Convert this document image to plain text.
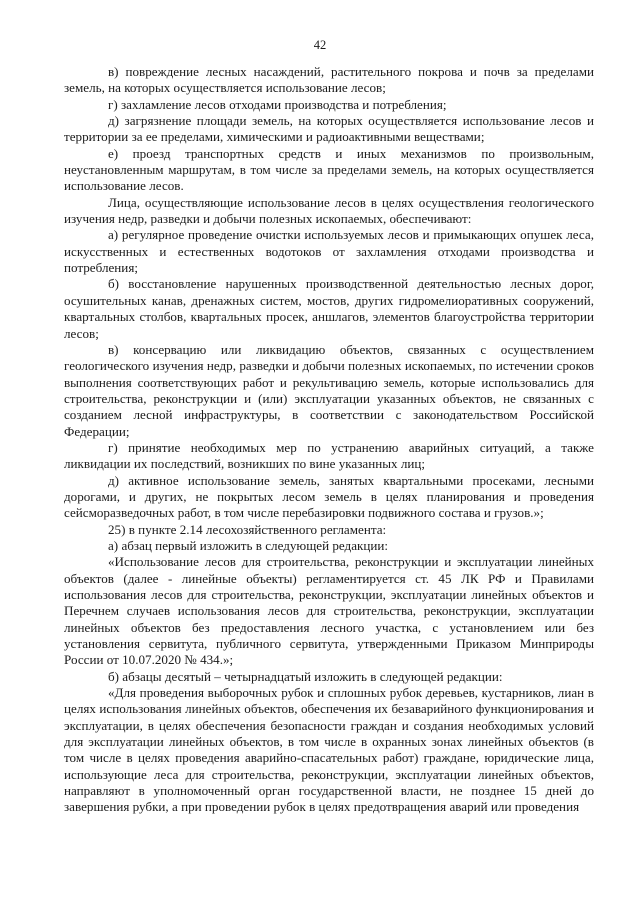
42

в) повреждение лесных насаждений, растительного покрова и почв за пределами земель, на которых осуществляется использование лесов;

г) захламление лесов отходами производства и потребления;

д) загрязнение площади земель, на которых осуществляется использование лесов и территории за ее пределами, химическими и радиоактивными веществами;

е) проезд транспортных средств и иных механизмов по произвольным, неустановленным маршрутам, в том числе за пределами земель, на которых осуществляется использование лесов.

Лица, осуществляющие использование лесов в целях осуществления геологического изучения недр, разведки и добычи полезных ископаемых, обеспечивают:

а) регулярное проведение очистки используемых лесов и примыкающих опушек леса, искусственных и естественных водотоков от захламления отходами производства и потребления;

б) восстановление нарушенных производственной деятельностью лесных дорог, осушительных канав, дренажных систем, мостов, других гидромелиоративных сооружений, квартальных столбов, квартальных просек, аншлагов, элементов благоустройства территории лесов;

в) консервацию или ликвидацию объектов, связанных с осуществлением геологического изучения недр, разведки и добычи полезных ископаемых, по истечении сроков выполнения соответствующих работ и рекультивацию земель, которые использовались для строительства, реконструкции и (или) эксплуатации указанных объектов, не связанных с созданием лесной инфраструктуры, в соответствии с законодательством Российской Федерации;

г) принятие необходимых мер по устранению аварийных ситуаций, а также ликвидации их последствий, возникших по вине указанных лиц;

д) активное использование земель, занятых квартальными просеками, лесными дорогами, и других, не покрытых лесом земель в целях планирования и проведения сейсморазведочных работ, в том числе перебазировки подвижного состава и грузов.»;

25) в пункте 2.14 лесохозяйственного регламента:

а) абзац первый изложить в следующей редакции:

«Использование лесов для строительства, реконструкции и эксплуатации линейных объектов (далее - линейные объекты) регламентируется ст. 45 ЛК РФ и Правилами использования лесов для строительства, реконструкции, эксплуатации линейных объектов и Перечнем случаев использования лесов для строительства, реконструкции, эксплуатации линейных объектов без предоставления лесного участка, с установлением или без установления сервитута, публичного сервитута, утвержденными Приказом Минприроды России от 10.07.2020 № 434.»;

б) абзацы десятый – четырнадцатый изложить в следующей редакции:

«Для проведения выборочных рубок и сплошных рубок деревьев, кустарников, лиан в целях использования линейных объектов, обеспечения их безаварийного функционирования и эксплуатации, в целях обеспечения безопасности граждан и создания необходимых условий для эксплуатации линейных объектов, в том числе в охранных зонах линейных объектов (в том числе в целях проведения аварийно-спасательных работ) граждане, юридические лица, использующие леса для строительства, реконструкции, эксплуатации линейных объектов, направляют в уполномоченный орган государственной власти, не позднее 15 дней до завершения рубки, а при проведении рубок в целях предотвращения аварий или проведения
